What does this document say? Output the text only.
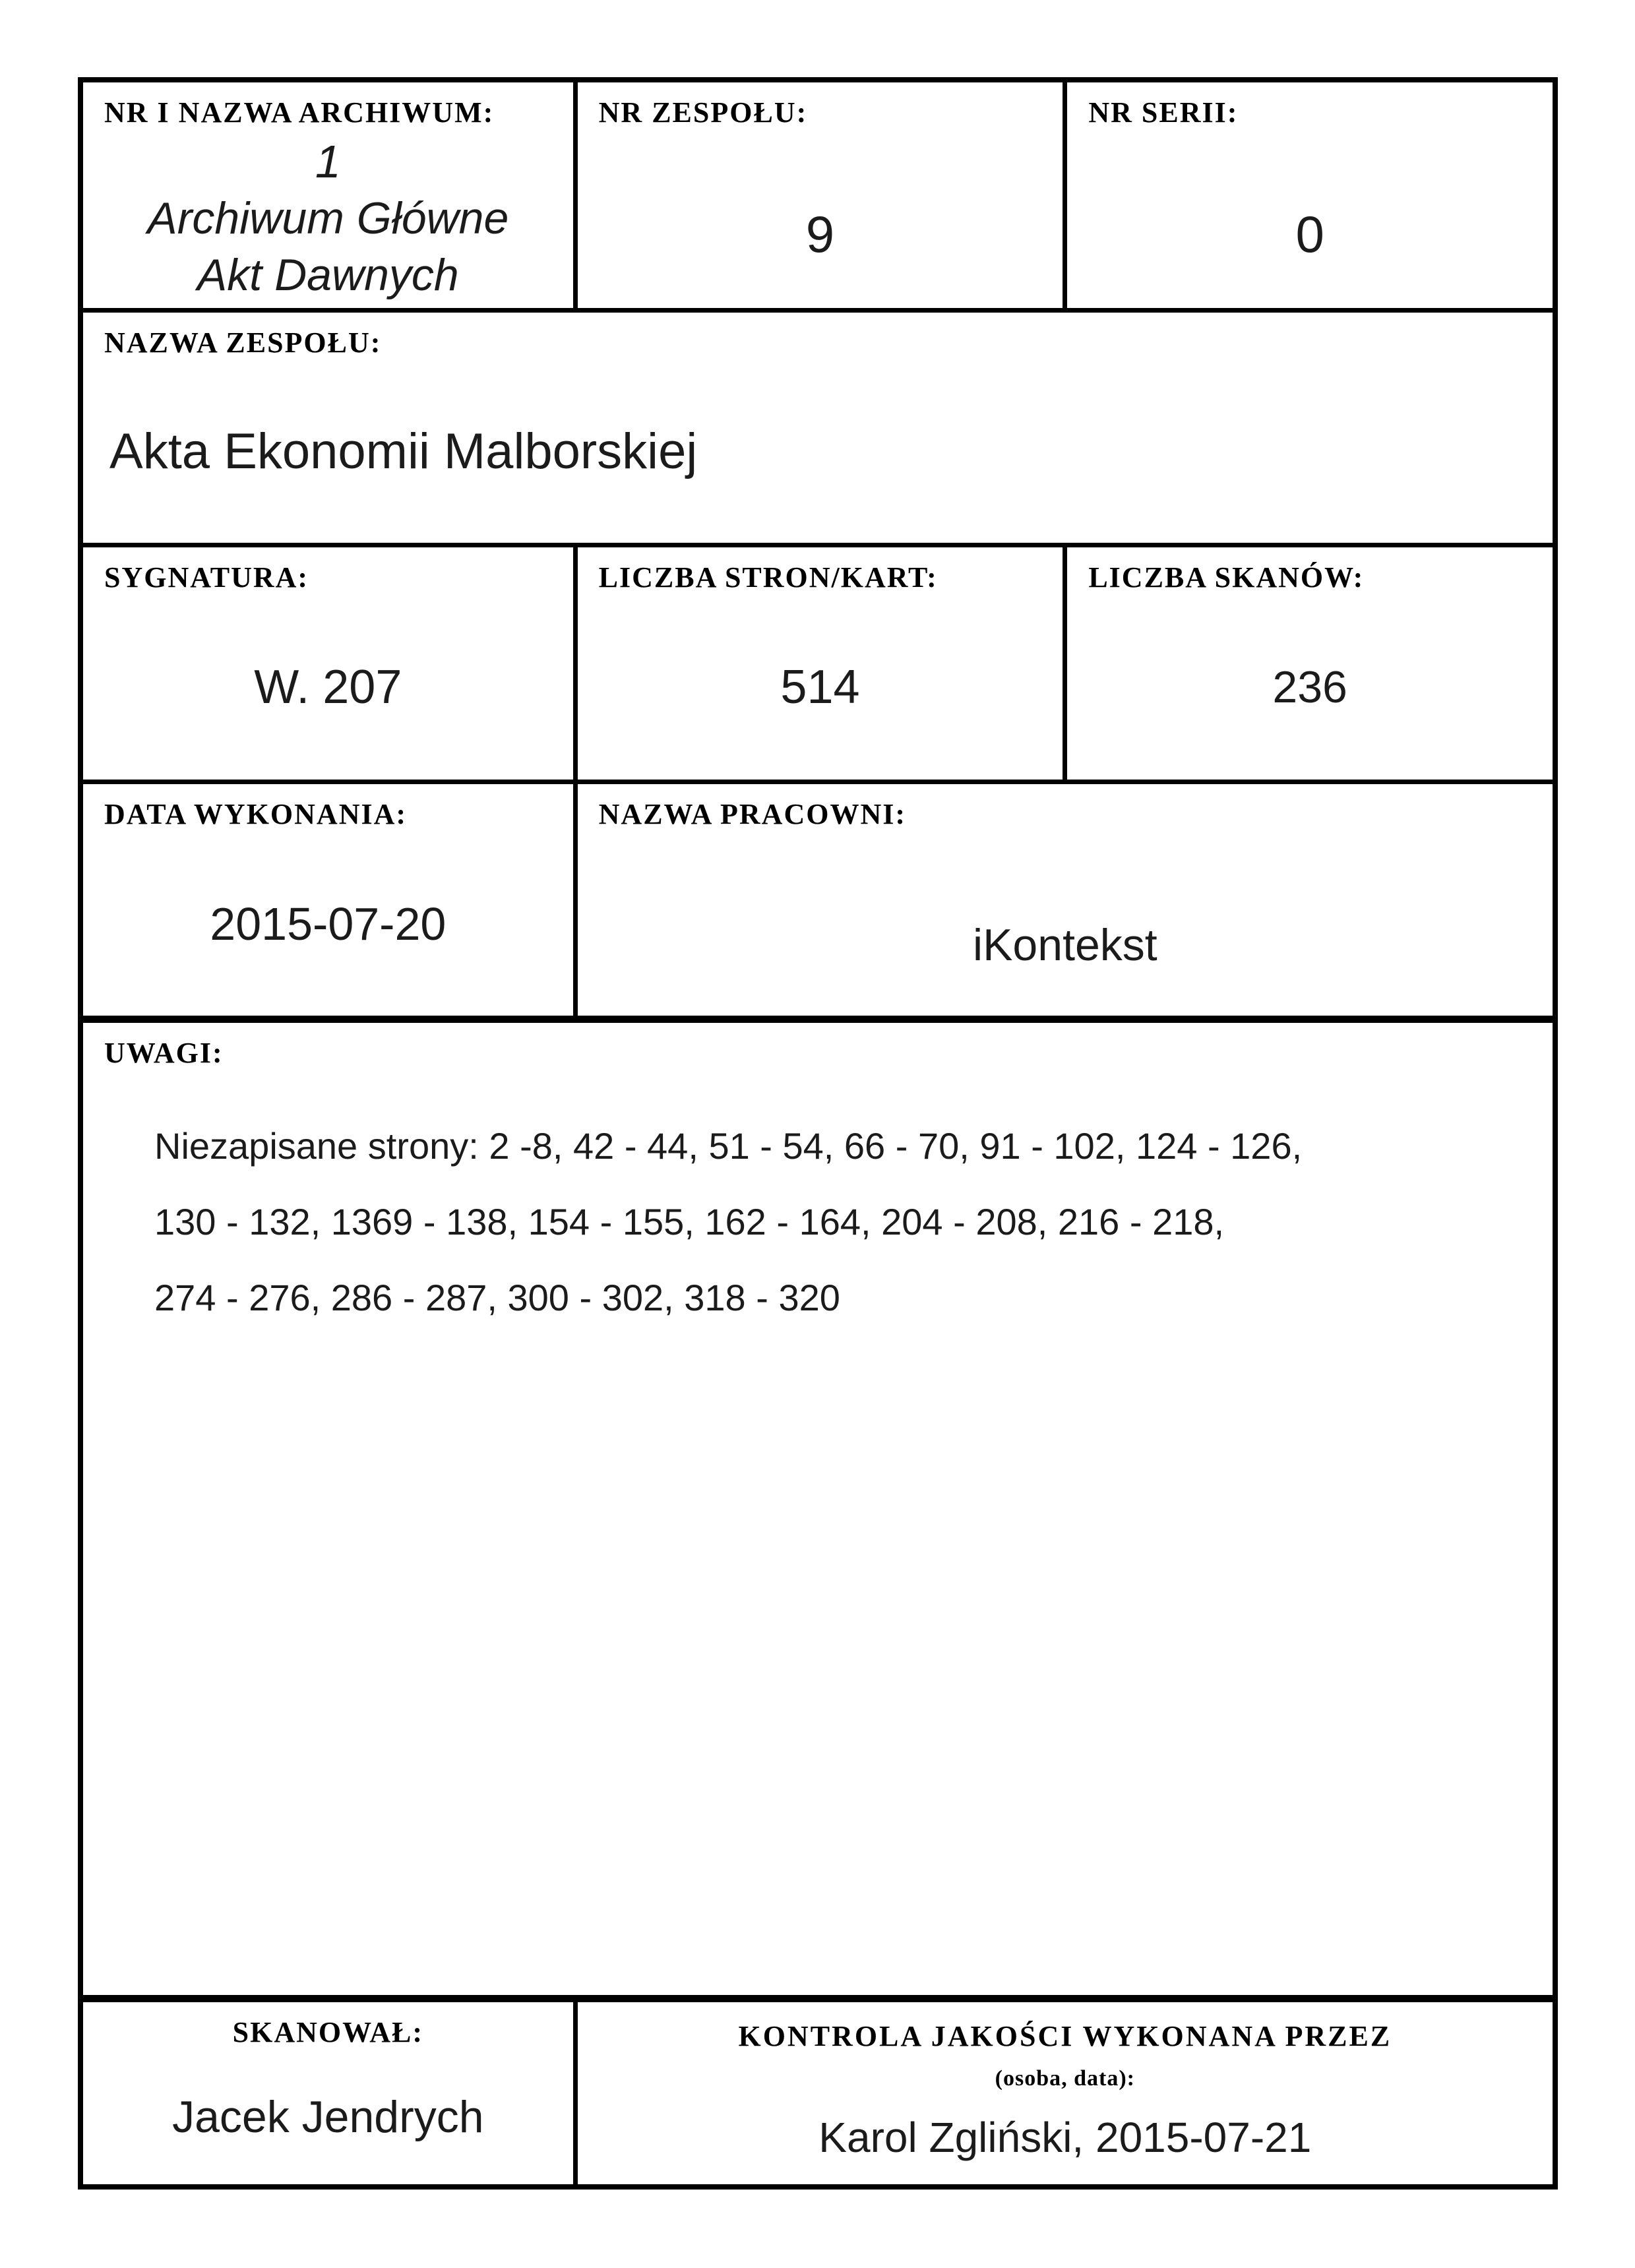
NR I NAZWA ARCHIWUM:
1
Archiwum Główne
Akt Dawnych
NR ZESPOŁU:
9
NR SERII:
0
NAZWA ZESPOŁU:
Akta Ekonomii Malborskiej
SYGNATURA:
W. 207
LICZBA STRON/KART:
514
LICZBA SKANÓW:
236
DATA WYKONANIA:
2015-07-20
NAZWA PRACOWNI:
iKontekst
UWAGI:
Niezapisane strony: 2 -8, 42 - 44, 51 - 54, 66 - 70, 91 - 102, 124 - 126,
130 - 132, 1369 - 138, 154 - 155, 162 - 164, 204 - 208, 216 - 218,
274 - 276, 286 - 287, 300 - 302, 318 - 320
SKANOWAŁ:
Jacek Jendrych
KONTROLA JAKOŚCI WYKONANA PRZEZ
(osoba, data):
Karol Zgliński, 2015-07-21
